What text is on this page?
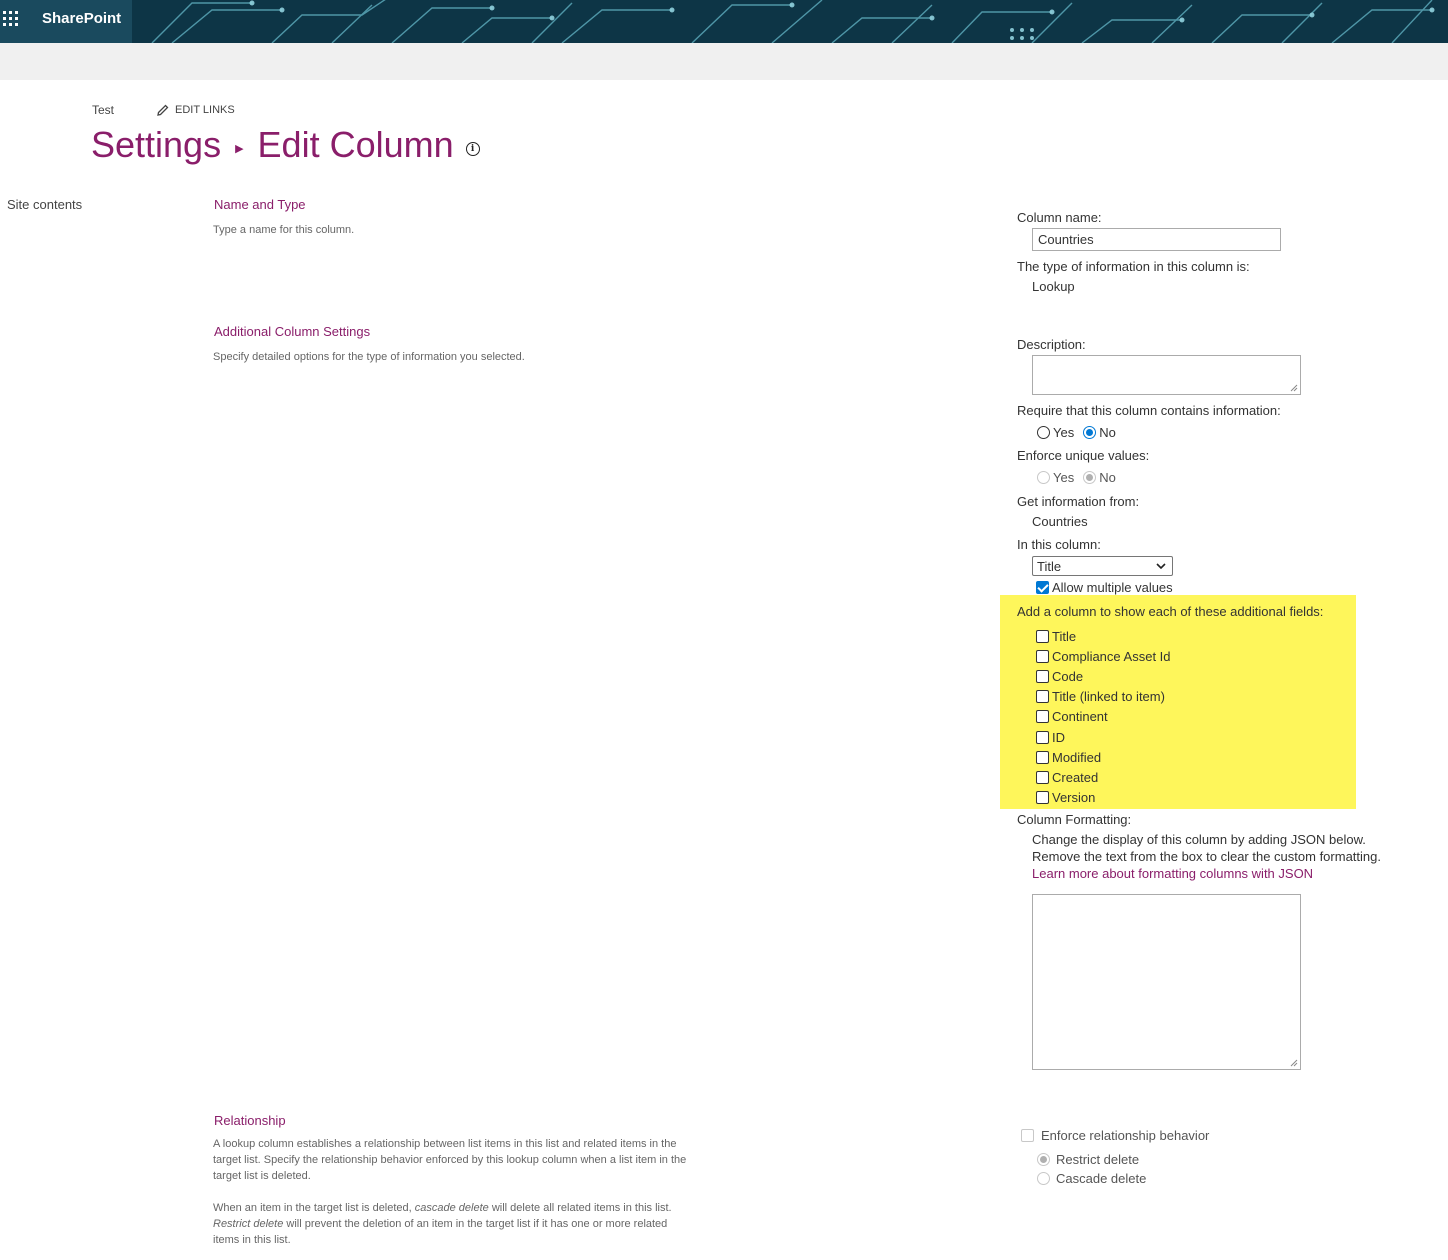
SharePoint
Test	EDIT LINKS
Settings ▶ Edit Column	i
Site contents	Name and Type
Type a name for this column.
Additional Column Settings
Specify detailed options for the type of information you selected.
Relationship
A lookup column establishes a relationship between list items in this list and related items in the target list. Specify the relationship behavior enforced by this lookup column when a list item in the target list is deleted.
When an item in the target list is deleted, cascade delete will delete all related items in this list. Restrict delete will prevent the deletion of an item in the target list if it has one or more related items in this list.
Column name:
Countries
The type of information in this column is:
Lookup
Description:
Require that this column contains information:
Yes No
Enforce unique values:
Yes No
Get information from:
Countries
In this column:
Title
Allow multiple values
Add a column to show each of these additional fields:
Title
Compliance Asset Id
Code
Title (linked to item)
Continent
ID
Modified
Created
Version
Column Formatting:
Change the display of this column by adding JSON below.
Remove the text from the box to clear the custom formatting.
Learn more about formatting columns with JSON
Enforce relationship behavior
Restrict delete
Cascade delete
